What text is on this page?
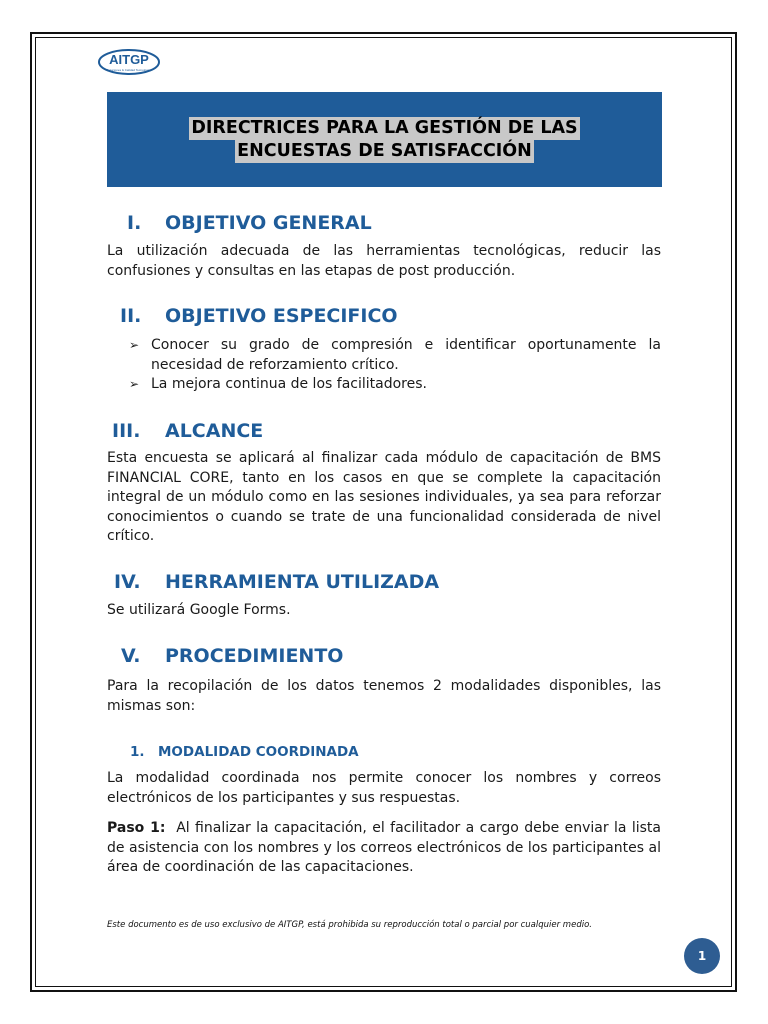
AITGP
Soluciones & Calidad Tecnológica
DIRECTRICES PARA LA GESTIÓN DE LAS
ENCUESTAS DE SATISFACCIÓN
I. OBJETIVO GENERAL
La utilización adecuada de las herramientas tecnológicas, reducir las confusiones y consultas en las etapas de post producción.
II. OBJETIVO ESPECIFICO
➢ Conocer su grado de compresión e identificar oportunamente la necesidad de reforzamiento crítico.
➢ La mejora continua de los facilitadores.
III. ALCANCE
Esta encuesta se aplicará al finalizar cada módulo de capacitación de BMS FINANCIAL CORE, tanto en los casos en que se complete la capacitación integral de un módulo como en las sesiones individuales, ya sea para reforzar conocimientos o cuando se trate de una funcionalidad considerada de nivel crítico.
IV. HERRAMIENTA UTILIZADA
Se utilizará Google Forms.
V. PROCEDIMIENTO
Para la recopilación de los datos tenemos 2 modalidades disponibles, las mismas son:
1. MODALIDAD COORDINADA
La modalidad coordinada nos permite conocer los nombres y correos electrónicos de los participantes y sus respuestas.
Paso 1: Al finalizar la capacitación, el facilitador a cargo debe enviar la lista de asistencia con los nombres y los correos electrónicos de los participantes al área de coordinación de las capacitaciones.
Este documento es de uso exclusivo de AITGP, está prohibida su reproducción total o parcial por cualquier medio.
1
